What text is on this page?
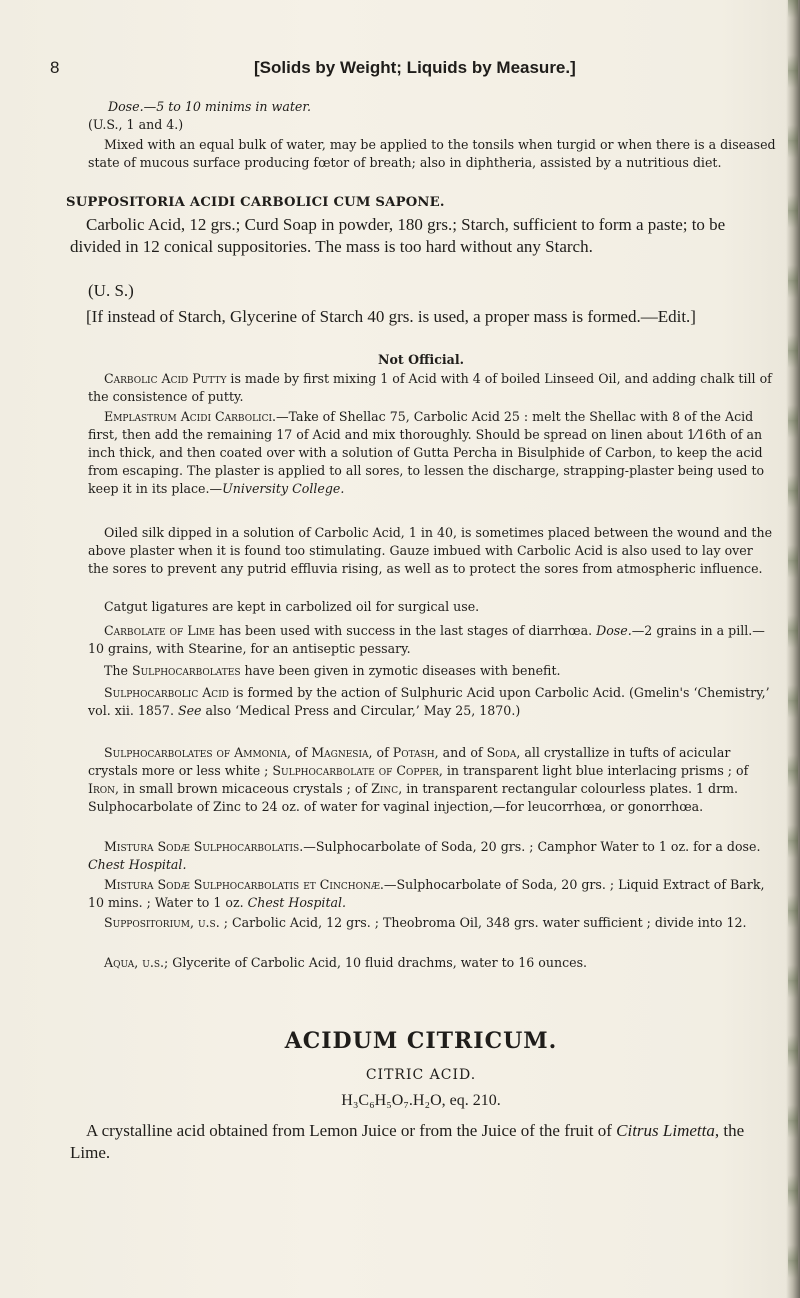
8	[Solids by Weight; Liquids by Measure.]

Dose.—5 to 10 minims in water.

(U.S., 1 and 4.)

Mixed with an equal bulk of water, may be applied to the tonsils when turgid or when there is a diseased state of mucous surface producing fœtor of breath; also in diphtheria, assisted by a nutritious diet.

SUPPOSITORIA ACIDI CARBOLICI CUM SAPONE.

Carbolic Acid, 12 grs.; Curd Soap in powder, 180 grs.; Starch, sufficient to form a paste; to be divided in 12 conical suppositories. The mass is too hard without any Starch.

(U. S.)

[If instead of Starch, Glycerine of Starch 40 grs. is used, a proper mass is formed.—Edit.]

Not Official.

Carbolic Acid Putty is made by first mixing 1 of Acid with 4 of boiled Linseed Oil, and adding chalk till of the consistence of putty.

Emplastrum Acidi Carbolici.—Take of Shellac 75, Carbolic Acid 25 : melt the Shellac with 8 of the Acid first, then add the remaining 17 of Acid and mix thoroughly. Should be spread on linen about 1⁄16th of an inch thick, and then coated over with a solution of Gutta Percha in Bisulphide of Carbon, to keep the acid from escaping. The plaster is applied to all sores, to lessen the discharge, strapping-plaster being used to keep it in its place.—University College.

Oiled silk dipped in a solution of Carbolic Acid, 1 in 40, is sometimes placed between the wound and the above plaster when it is found too stimulating. Gauze imbued with Carbolic Acid is also used to lay over the sores to prevent any putrid effluvia rising, as well as to protect the sores from atmospheric influence.

Catgut ligatures are kept in carbolized oil for surgical use.

Carbolate of Lime has been used with success in the last stages of diarrhœa. Dose.—2 grains in a pill.—10 grains, with Stearine, for an antiseptic pessary.

The Sulphocarbolates have been given in zymotic diseases with benefit.

Sulphocarbolic Acid is formed by the action of Sulphuric Acid upon Carbolic Acid. (Gmelin's ‘Chemistry,’ vol. xii. 1857. See also ‘Medical Press and Circular,’ May 25, 1870.)

Sulphocarbolates of Ammonia, of Magnesia, of Potash, and of Soda, all crystallize in tufts of acicular crystals more or less white ; Sulphocarbolate of Copper, in transparent light blue interlacing prisms ; of Iron, in small brown micaceous crystals ; of Zinc, in transparent rectangular colourless plates. 1 drm. Sulphocarbolate of Zinc to 24 oz. of water for vaginal injection,—for leucorrhœa, or gonorrhœa.

Mistura Sodæ Sulphocarbolatis.—Sulphocarbolate of Soda, 20 grs. ; Camphor Water to 1 oz. for a dose. Chest Hospital.

Mistura Sodæ Sulphocarbolatis et Cinchonæ.—Sulphocarbolate of Soda, 20 grs. ; Liquid Extract of Bark, 10 mins. ; Water to 1 oz. Chest Hospital.

Suppositorium, u.s. ; Carbolic Acid, 12 grs. ; Theobroma Oil, 348 grs. water sufficient ; divide into 12.

Aqua, u.s.; Glycerite of Carbolic Acid, 10 fluid drachms, water to 16 ounces.

ACIDUM CITRICUM.

CITRIC ACID.

H₃C₆H₅O₇.H₂O, eq. 210.

A crystalline acid obtained from Lemon Juice or from the Juice of the fruit of Citrus Limetta, the Lime.
